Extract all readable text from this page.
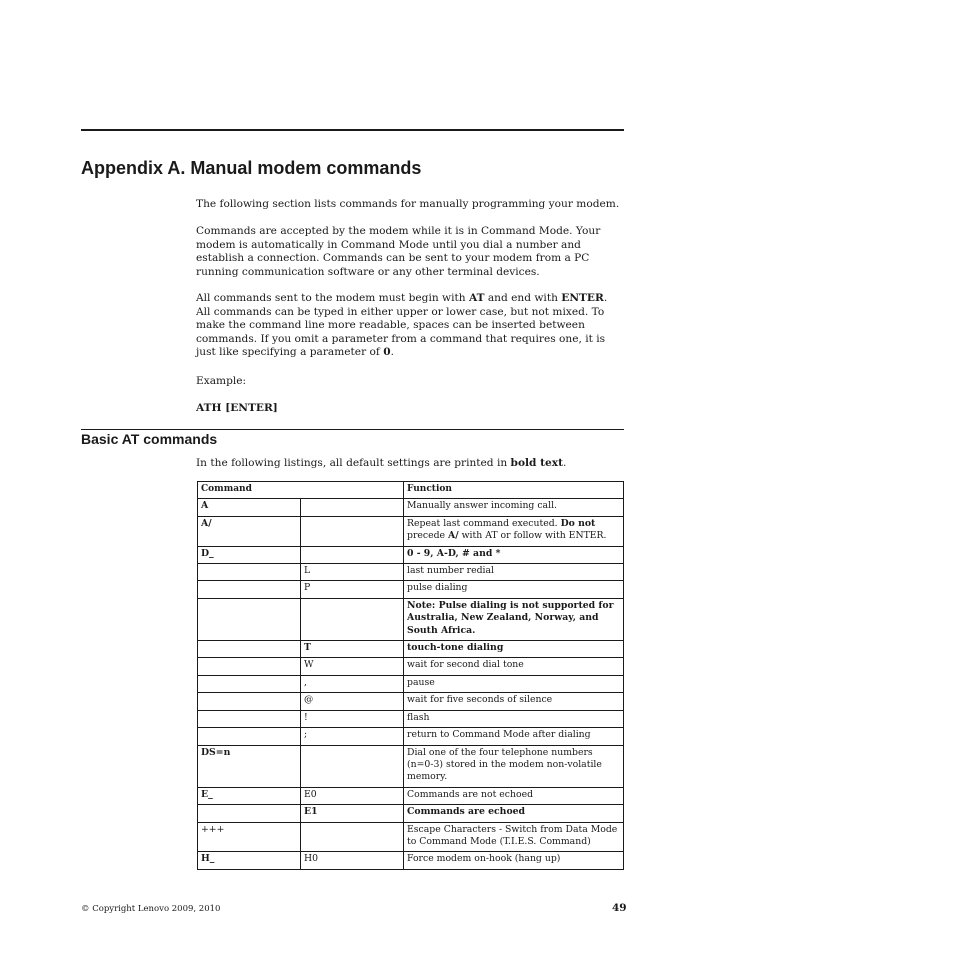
Appendix A. Manual modem commands

The following section lists commands for manually programming your modem.

Commands are accepted by the modem while it is in Command Mode. Your modem is automatically in Command Mode until you dial a number and establish a connection. Commands can be sent to your modem from a PC running communication software or any other terminal devices.

All commands sent to the modem must begin with AT and end with ENTER. All commands can be typed in either upper or lower case, but not mixed. To make the command line more readable, spaces can be inserted between commands. If you omit a parameter from a command that requires one, it is just like specifying a parameter of 0.

Example:
ATH [ENTER]
Basic AT commands

In the following listings, all default settings are printed in bold text.

Command		Function
A		Manually answer incoming call.
A/		Repeat last command executed. Do not precede A/ with AT or follow with ENTER.
D_		0 - 9, A-D, # and *
	L	last number redial
	P	pulse dialing
		Note: Pulse dialing is not supported for Australia, New Zealand, Norway, and South Africa.
	T	touch-tone dialing
	W	wait for second dial tone
	,	pause
	@	wait for five seconds of silence
	!	flash
	;	return to Command Mode after dialing
DS=n		Dial one of the four telephone numbers (n=0-3) stored in the modem non-volatile memory.
E_	E0	Commands are not echoed
	E1	Commands are echoed
+++		Escape Characters - Switch from Data Mode to Command Mode (T.I.E.S. Command)
H_	H0	Force modem on-hook (hang up)
© Copyright Lenovo 2009, 2010	49
